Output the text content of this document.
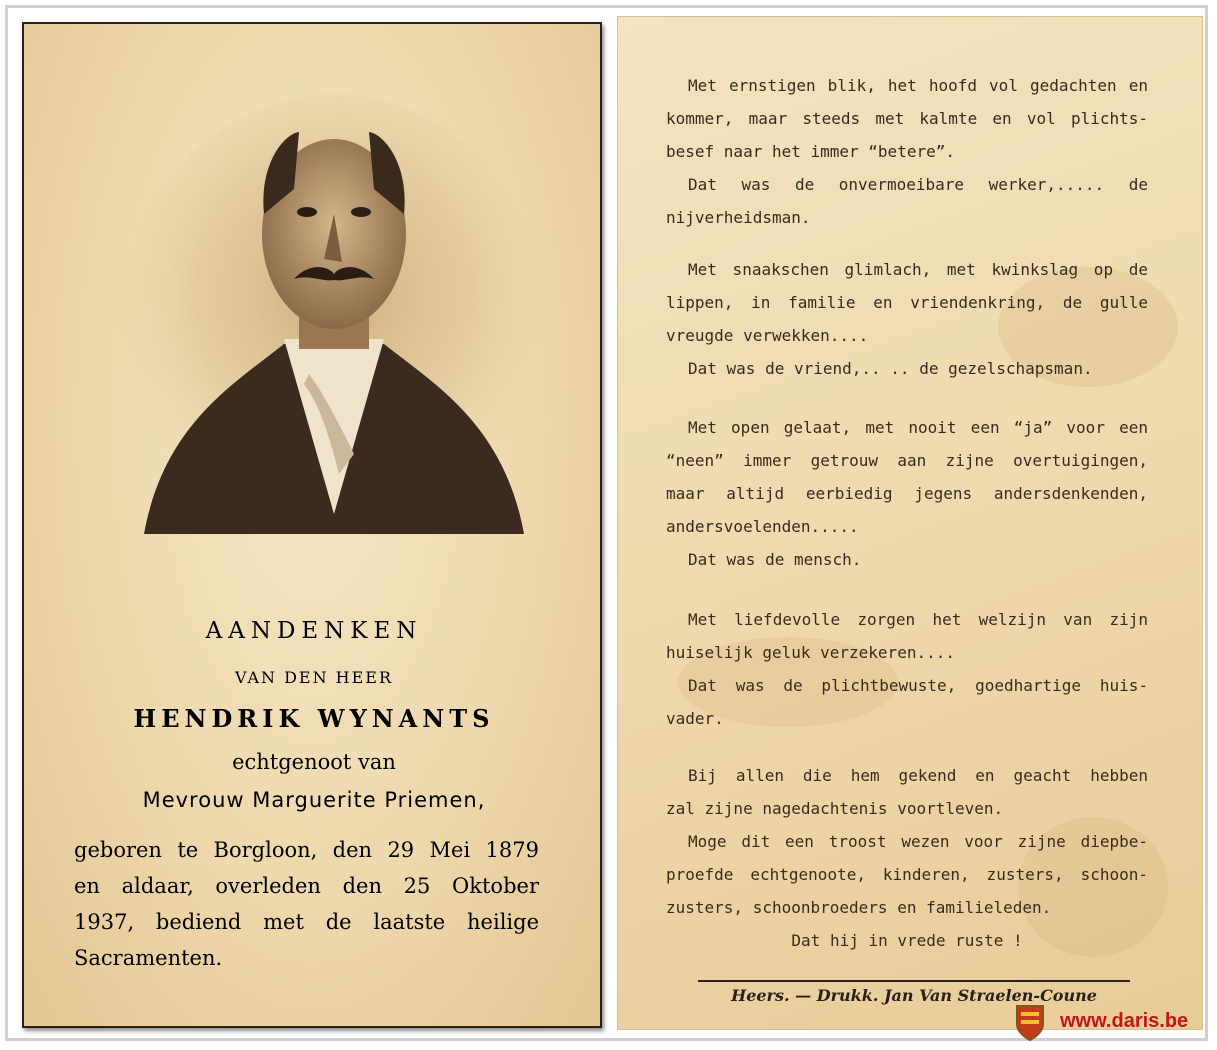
AANDENKEN
VAN DEN HEER
HENDRIK WYNANTS
echtgenoot van
Mevrouw Marguerite Priemen,
geboren te Borgloon, den 29 Mei 1879
en aldaar, overleden den 25 Oktober
1937, bediend met de laatste heilige
Sacramenten.
Met ernstigen blik, het hoofd vol gedachten en
kommer, maar steeds met kalmte en vol plichts-
besef naar het immer “betere”.
Dat was de onvermoeibare werker,..... de
nijverheidsman.
Met snaakschen glimlach, met kwinkslag op de
lippen, in familie en vriendenkring, de gulle
vreugde verwekken....
Dat was de vriend,.. .. de gezelschapsman.
Met open gelaat, met nooit een “ja” voor een
“neen” immer getrouw aan zijne overtuigingen,
maar altijd eerbiedig jegens andersdenkenden,
andersvoelenden.....
Dat was de mensch.
Met liefdevolle zorgen het welzijn van zijn
huiselijk geluk verzekeren....
Dat was de plichtbewuste, goedhartige huis-
vader.
Bij allen die hem gekend en geacht hebben
zal zijne nagedachtenis voortleven.
Moge dit een troost wezen voor zijne diepbe-
proefde echtgenoote, kinderen, zusters, schoon-
zusters, schoonbroeders en familieleden.
Dat hij in vrede ruste !
Heers. — Drukk. Jan Van Straelen-Coune
www.daris.be
